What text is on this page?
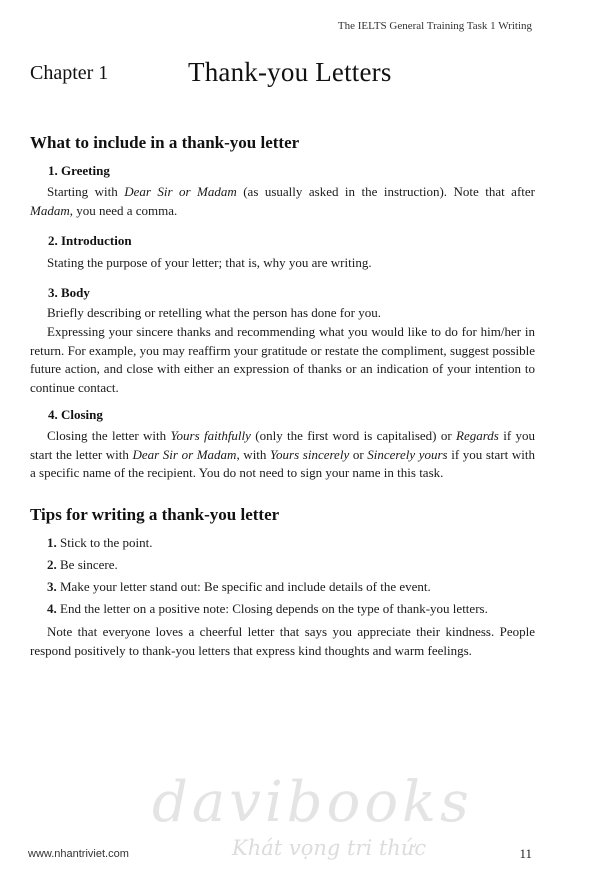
The IELTS General Training Task 1 Writing
Chapter 1	Thank-you Letters
What to include in a thank-you letter
1. Greeting

Starting with Dear Sir or Madam (as usually asked in the instruction). Note that after Madam, you need a comma.

2. Introduction

Stating the purpose of your letter; that is, why you are writing.

3. Body

Briefly describing or retelling what the person has done for you.

Expressing your sincere thanks and recommending what you would like to do for him/her in return. For example, you may reaffirm your gratitude or restate the compliment, suggest possible future action, and close with either an expression of thanks or an indication of your intention to continue contact.

4. Closing

Closing the letter with Yours faithfully (only the first word is capitalised) or Regards if you start the letter with Dear Sir or Madam, with Yours sincerely or Sincerely yours if you start with a specific name of the recipient. You do not need to sign your name in this task.

Tips for writing a thank-you letter
1. Stick to the point.
2. Be sincere.
3. Make your letter stand out: Be specific and include details of the event.
4. End the letter on a positive note: Closing depends on the type of thank-you letters.

Note that everyone loves a cheerful letter that says you appreciate their kindness. People respond positively to thank-you letters that express kind thoughts and warm feelings.

davibooks
Khát vọng tri thức
www.nhantriviet.com	11
